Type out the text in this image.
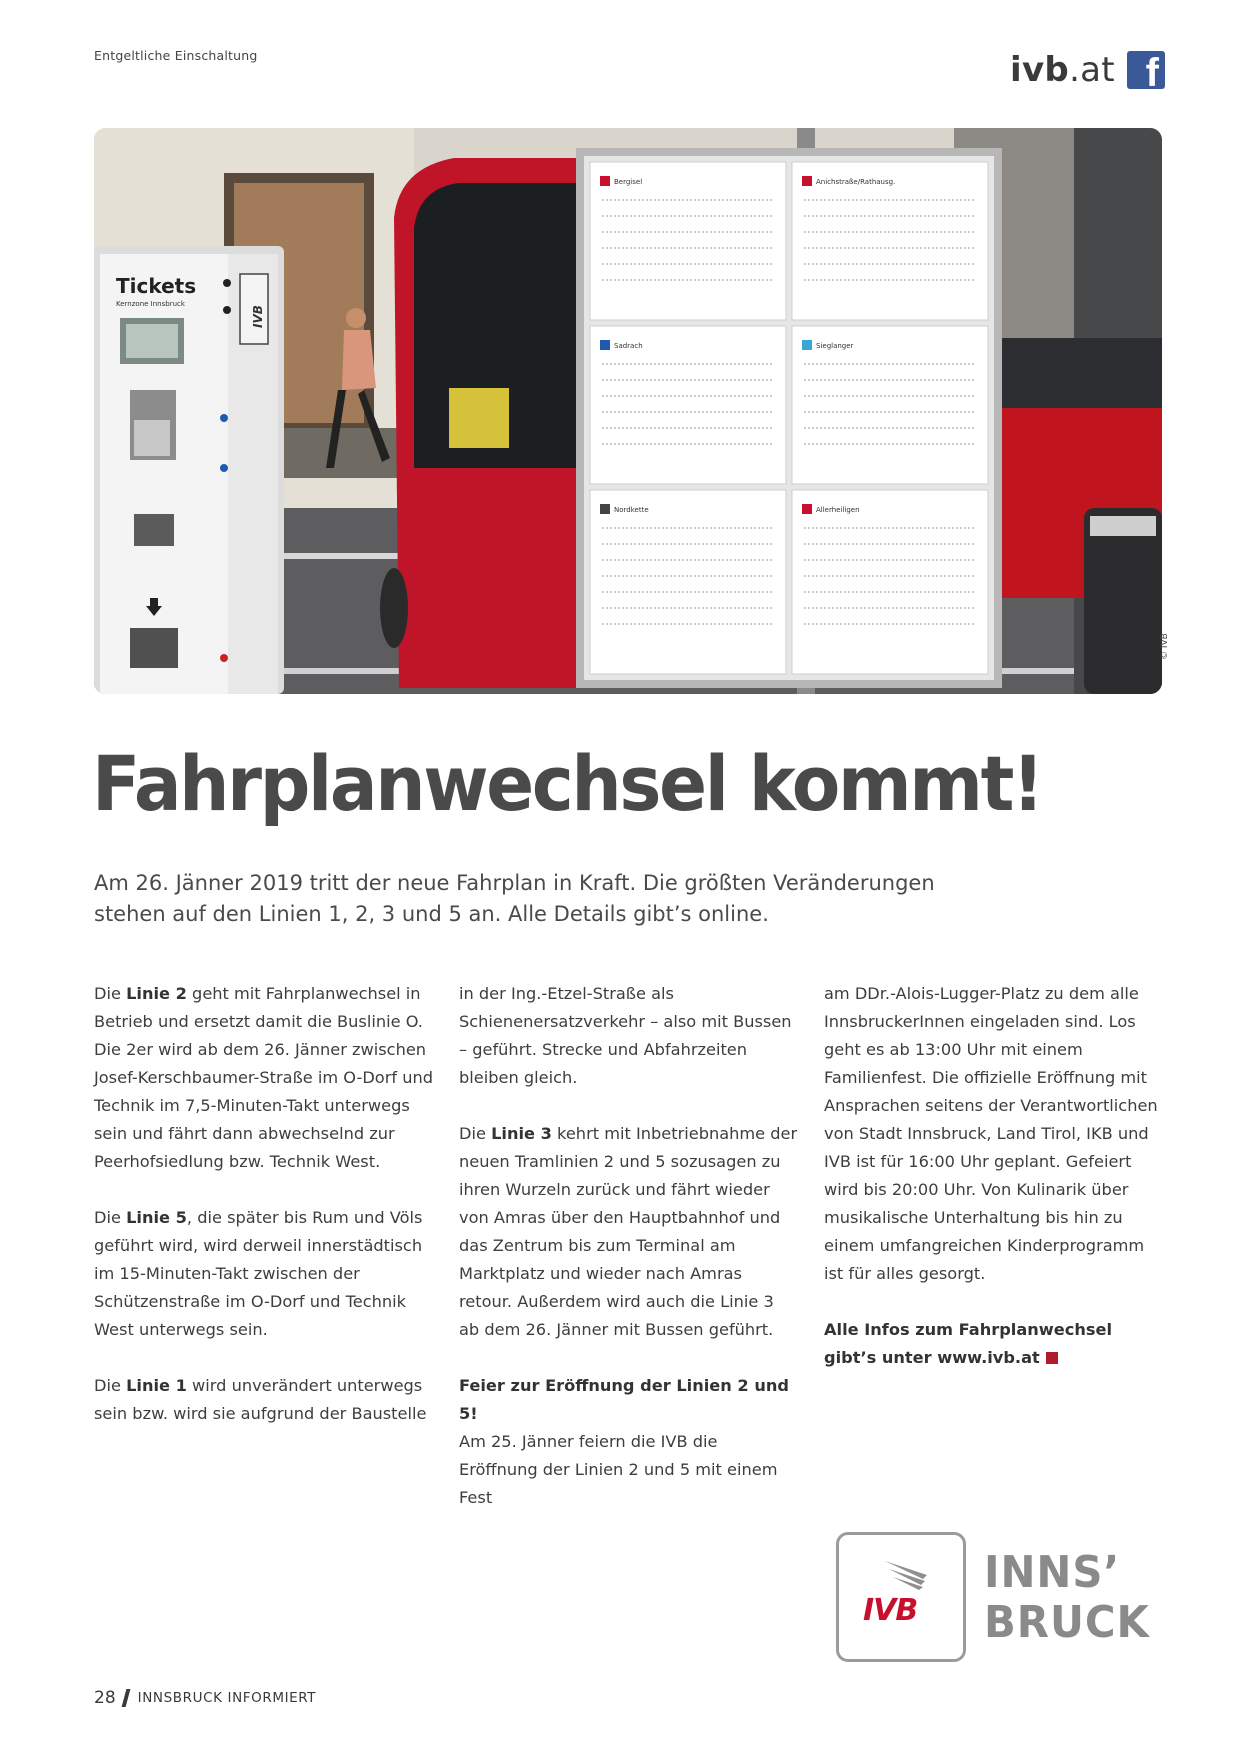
Entgeltliche Einschaltung	ivb.at f
Tickets
Kernzone Innsbruck
IVB
Bergisel	Anichstraße/Rathausg.
Sadrach	Sieglanger
Nordkette	Allerheiligen
© IVB
Fahrplanwechsel kommt!

Am 26. Jänner 2019 tritt der neue Fahrplan in Kraft. Die größten Veränderungen stehen auf den Linien 1, 2, 3 und 5 an. Alle Details gibt’s online.

Die Linie 2 geht mit Fahrplanwechsel in Betrieb und ersetzt damit die Buslinie O. Die 2er wird ab dem 26. Jänner zwischen Josef-Kerschbaumer-Straße im O-Dorf und Technik im 7,5-Minuten-Takt unterwegs sein und fährt dann abwechselnd zur Peerhofsiedlung bzw. Technik West.

Die Linie 5, die später bis Rum und Völs geführt wird, wird derweil innerstädtisch im 15-Minuten-Takt zwischen der Schützenstraße im O-Dorf und Technik West unterwegs sein.

Die Linie 1 wird unverändert unterwegs sein bzw. wird sie aufgrund der Baustelle

in der Ing.-Etzel-Straße als Schienenersatzverkehr – also mit Bussen – geführt. Strecke und Abfahrzeiten bleiben gleich.

Die Linie 3 kehrt mit Inbetriebnahme der neuen Tramlinien 2 und 5 sozusagen zu ihren Wurzeln zurück und fährt wieder von Amras über den Hauptbahnhof und das Zentrum bis zum Terminal am Marktplatz und wieder nach Amras retour. Außerdem wird auch die Linie 3 ab dem 26. Jänner mit Bussen geführt.

Feier zur Eröffnung der Linien 2 und 5!
Am 25. Jänner feiern die IVB die Eröffnung der Linien 2 und 5 mit einem Fest

am DDr.-Alois-Lugger-Platz zu dem alle InnsbruckerInnen eingeladen sind. Los geht es ab 13:00 Uhr mit einem Familienfest. Die offizielle Eröffnung mit Ansprachen seitens der Verantwortlichen von Stadt Innsbruck, Land Tirol, IKB und IVB ist für 16:00 Uhr geplant. Gefeiert wird bis 20:00 Uhr. Von Kulinarik über musikalische Unterhaltung bis hin zu einem umfangreichen Kinderprogramm ist für alles gesorgt.

Alle Infos zum Fahrplanwechsel
gibt’s unter www.ivb.at

IVB
INNS’
BRUCK
28 INNSBRUCK INFORMIERT
